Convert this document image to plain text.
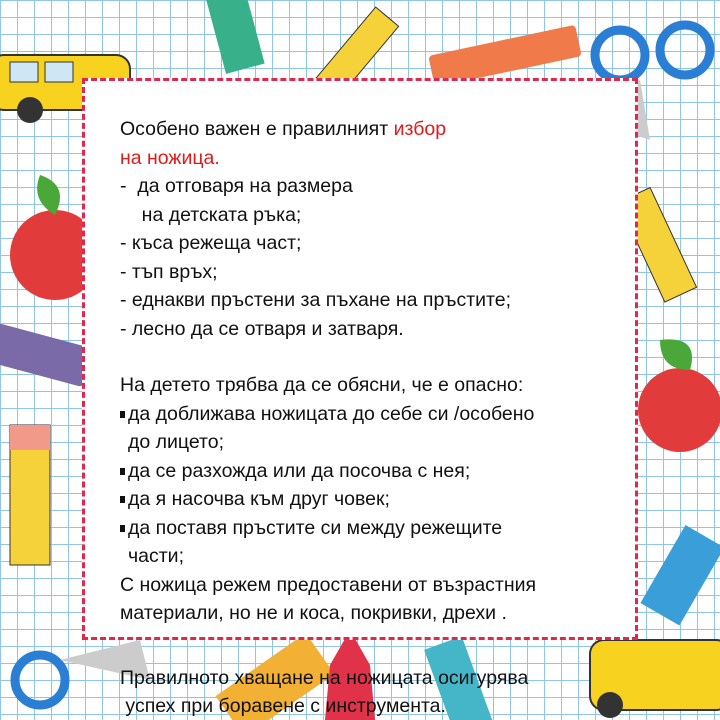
Особено важен е правилният избор
на ножица.
-  да отговаря на размера
на детската ръка;
- къса режеща част;
- тъп връх;
- еднакви пръстени за пъхане на пръстите;
- лесно да се отваря и затваря.
На детето трябва да се обясни, че е опасно:
да доближава ножицата до себе си /особено
до лицето;
да се разхожда или да посочва с нея;
да я насочва към друг човек;
да поставя пръстите си между режещите
части;
С ножица режем предоставени от възрастния
материали, но не и коса, покривки, дрехи .
Правилното хващане на ножицата осигурява
успех при боравене с инструмента.
